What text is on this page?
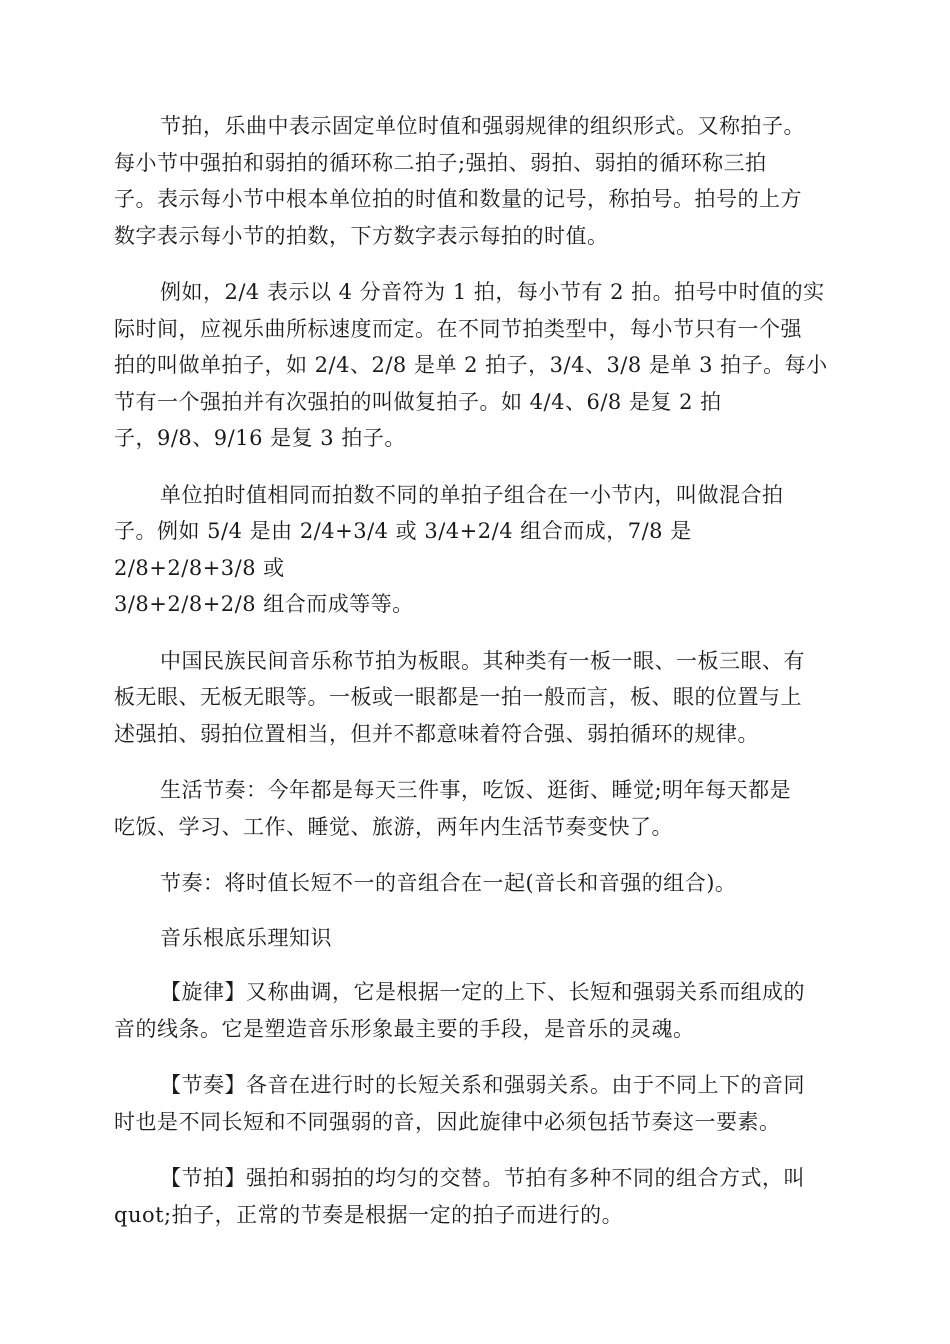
节拍，乐曲中表示固定单位时值和强弱规律的组织形式。又称拍子。
每小节中强拍和弱拍的循环称二拍子;强拍、弱拍、弱拍的循环称三拍
子。表示每小节中根本单位拍的时值和数量的记号，称拍号。拍号的上方
数字表示每小节的拍数，下方数字表示每拍的时值。

例如，2/4 表示以 4 分音符为 1 拍，每小节有 2 拍。拍号中时值的实
际时间，应视乐曲所标速度而定。在不同节拍类型中，每小节只有一个强
拍的叫做单拍子，如 2/4、2/8 是单 2 拍子，3/4、3/8 是单 3 拍子。每小
节有一个强拍并有次强拍的叫做复拍子。如 4/4、6/8 是复 2 拍
子，9/8、9/16 是复 3 拍子。

单位拍时值相同而拍数不同的单拍子组合在一小节内，叫做混合拍
子。例如 5/4 是由 2/4+3/4 或 3/4+2/4 组合而成，7/8 是 2/8+2/8+3/8 或
3/8+2/8+2/8 组合而成等等。

中国民族民间音乐称节拍为板眼。其种类有一板一眼、一板三眼、有
板无眼、无板无眼等。一板或一眼都是一拍一般而言，板、眼的位置与上
述强拍、弱拍位置相当，但并不都意味着符合强、弱拍循环的规律。

生活节奏：今年都是每天三件事，吃饭、逛街、睡觉;明年每天都是
吃饭、学习、工作、睡觉、旅游，两年内生活节奏变快了。

节奏：将时值长短不一的音组合在一起(音长和音强的组合)。

音乐根底乐理知识

【旋律】又称曲调，它是根据一定的上下、长短和强弱关系而组成的
音的线条。它是塑造音乐形象最主要的手段，是音乐的灵魂。

【节奏】各音在进行时的长短关系和强弱关系。由于不同上下的音同
时也是不同长短和不同强弱的音，因此旋律中必须包括节奏这一要素。

【节拍】强拍和弱拍的均匀的交替。节拍有多种不同的组合方式，叫
quot;拍子，正常的节奏是根据一定的拍子而进行的。
